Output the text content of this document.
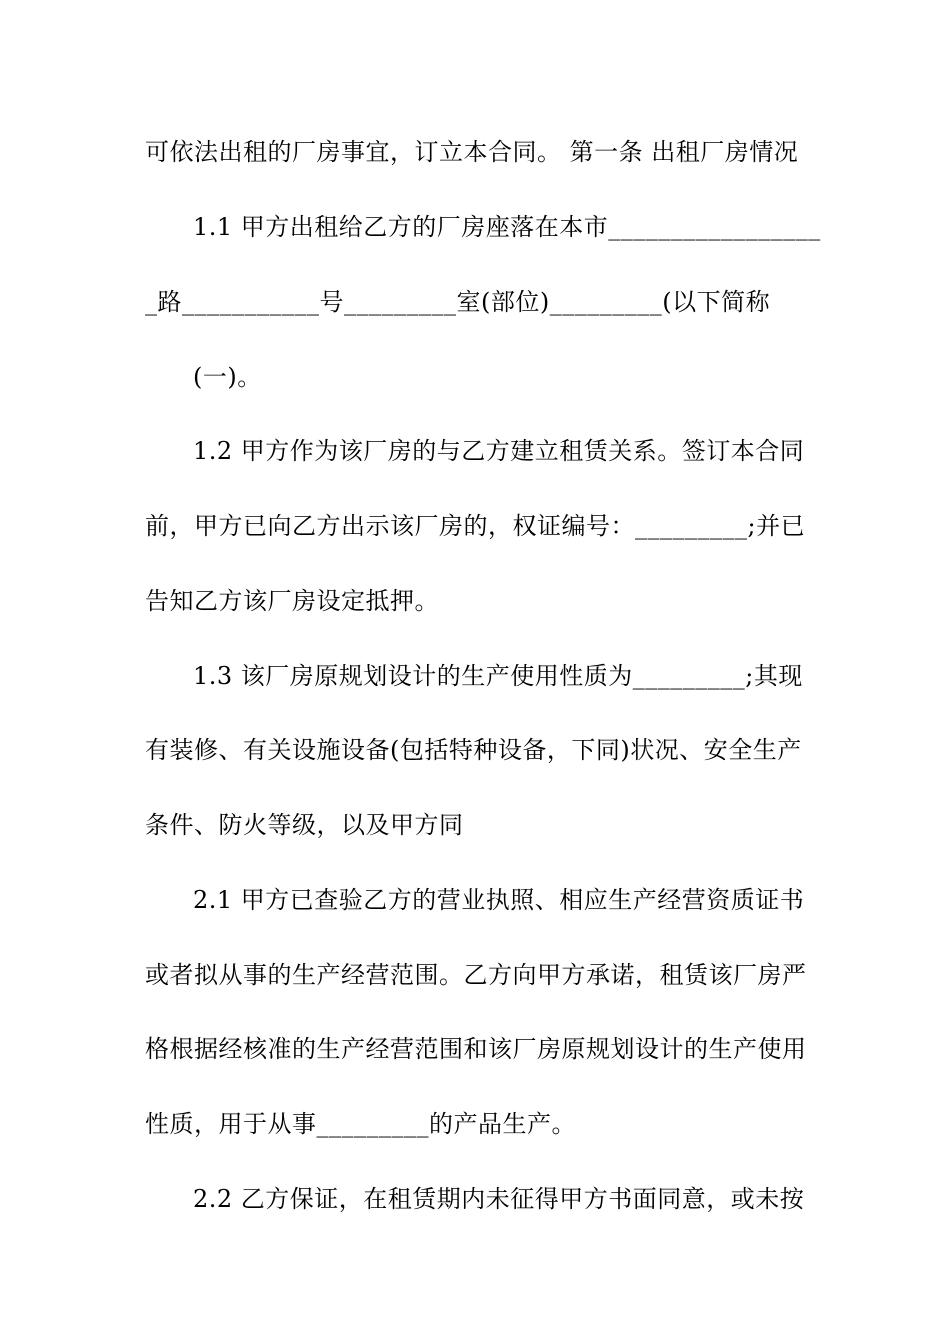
可依法出租的厂房事宜，订立本合同。 第一条 出租厂房情况
1.1 甲方出租给乙方的厂房座落在本市_________________
_路___________号_________室(部位)_________(以下简称
(一)。
1.2 甲方作为该厂房的与乙方建立租赁关系。签订本合同
前，甲方已向乙方出示该厂房的，权证编号：_________;并已
告知乙方该厂房设定抵押。
1.3 该厂房原规划设计的生产使用性质为_________;其现
有装修、有关设施设备(包括特种设备，下同)状况、安全生产
条件、防火等级，以及甲方同
2.1 甲方已查验乙方的营业执照、相应生产经营资质证书
或者拟从事的生产经营范围。乙方向甲方承诺，租赁该厂房严
格根据经核准的生产经营范围和该厂房原规划设计的生产使用
性质，用于从事_________的产品生产。
2.2 乙方保证，在租赁期内未征得甲方书面同意，或未按
